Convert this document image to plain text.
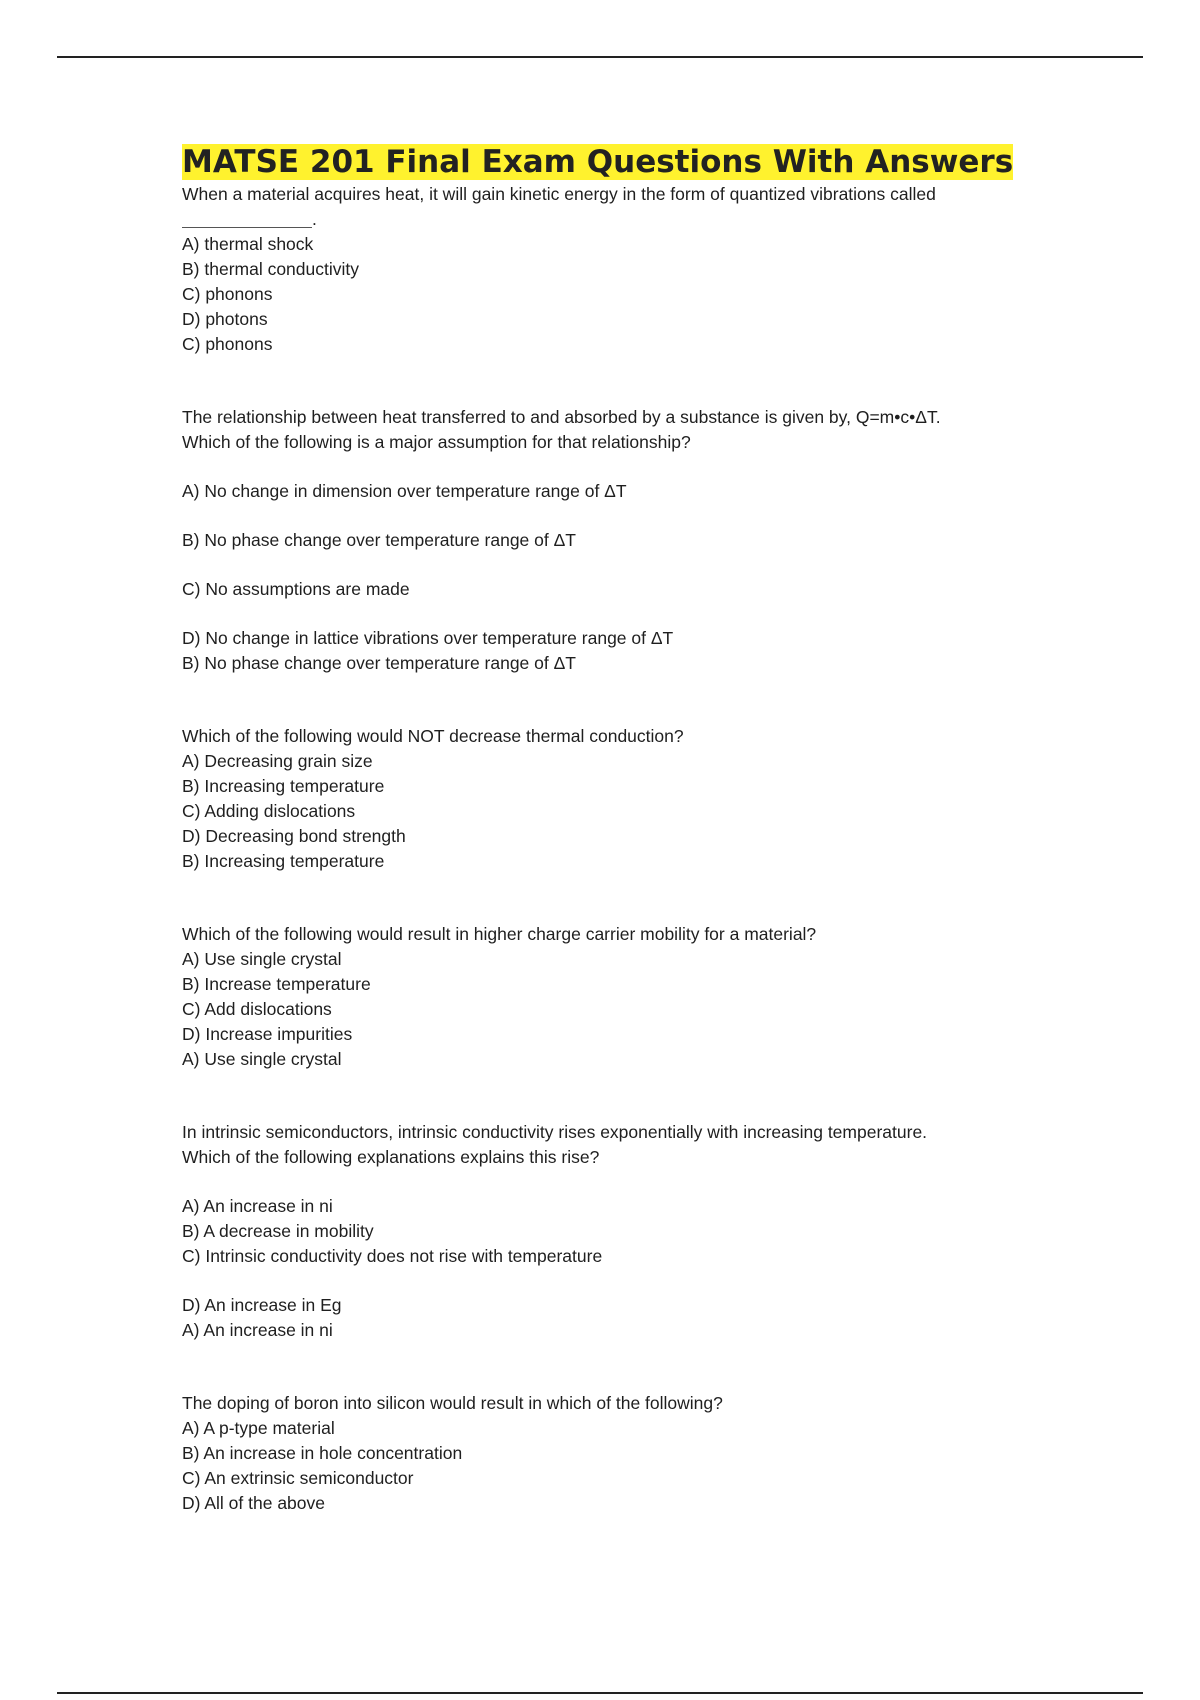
MATSE 201 Final Exam Questions With Answers
When a material acquires heat, it will gain kinetic energy in the form of quantized vibrations called
.
A) thermal shock
B) thermal conductivity
C) phonons
D) photons
C) phonons
The relationship between heat transferred to and absorbed by a substance is given by, Q=m•c•ΔT.
Which of the following is a major assumption for that relationship?
A) No change in dimension over temperature range of ΔT
B) No phase change over temperature range of ΔT
C) No assumptions are made
D) No change in lattice vibrations over temperature range of ΔT
B) No phase change over temperature range of ΔT
Which of the following would NOT decrease thermal conduction?
A) Decreasing grain size
B) Increasing temperature
C) Adding dislocations
D) Decreasing bond strength
B) Increasing temperature
Which of the following would result in higher charge carrier mobility for a material?
A) Use single crystal
B) Increase temperature
C) Add dislocations
D) Increase impurities
A) Use single crystal
In intrinsic semiconductors, intrinsic conductivity rises exponentially with increasing temperature.
Which of the following explanations explains this rise?
A) An increase in ni
B) A decrease in mobility
C) Intrinsic conductivity does not rise with temperature
D) An increase in Eg
A) An increase in ni
The doping of boron into silicon would result in which of the following?
A) A p-type material
B) An increase in hole concentration
C) An extrinsic semiconductor
D) All of the above
